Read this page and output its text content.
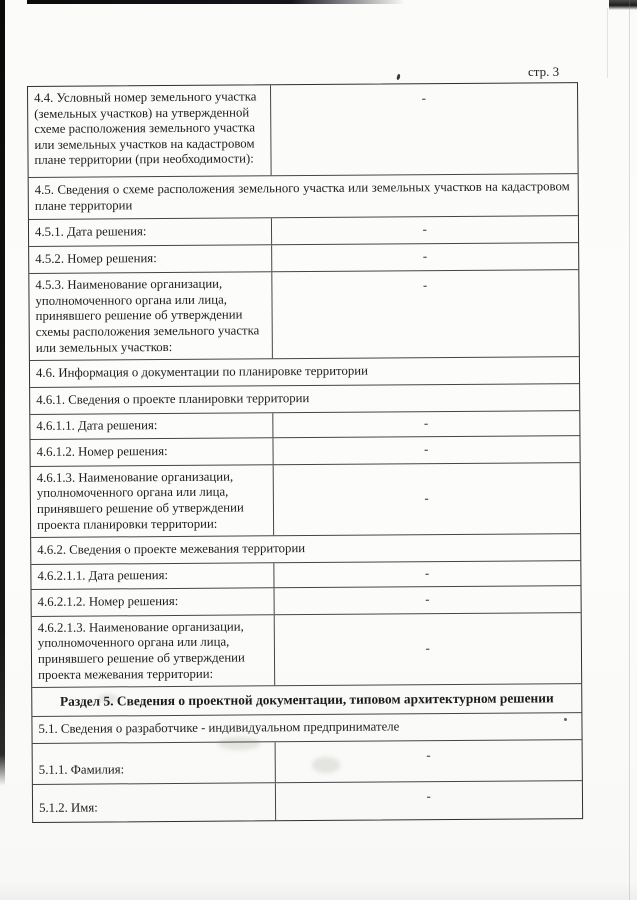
стр. 3
4.4. Условный номер земельного участка (земельных участков) на утвержденной схеме расположения земельного участка или земельных участков на кадастровом плане территории (при необходимости):
-
4.5. Сведения о схеме расположения земельного участка или земельных участков на кадастровом плане территории
4.5.1. Дата решения:	-
4.5.2. Номер решения:	-
4.5.3. Наименование организации, уполномоченного органа или лица, принявшего решение об утверждении схемы расположения земельного участка или земельных участков:
-
4.6. Информация о документации по планировке территории
4.6.1. Сведения о проекте планировки территории
4.6.1.1. Дата решения:	-
4.6.1.2. Номер решения:	-
4.6.1.3. Наименование организации, уполномоченного органа или лица, принявшего решение об утверждении проекта планировки территории:
-
4.6.2. Сведения о проекте межевания территории
4.6.2.1.1. Дата решения:	-
4.6.2.1.2. Номер решения:	-
4.6.2.1.3. Наименование организации, уполномоченного органа или лица, принявшего решение об утверждении проекта межевания территории:
-
Раздел 5. Сведения о проектной документации, типовом архитектурном решении
5.1. Сведения о разработчике - индивидуальном предпринимателе
5.1.1. Фамилия:
-
5.1.2. Имя:
-
